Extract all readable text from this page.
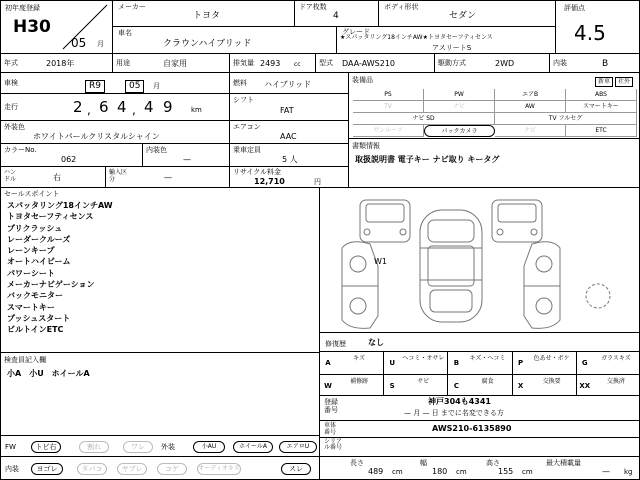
初年度登録
H30
05 月
メーカー
トヨタ
ドア枚数
4
ボディ形状
セダン
評価点
4.5
車名
クラウンハイブリッド
グレード
★スパッタリング18インチAW★トヨタセーフティセンス
アスリートS
年式	2018年	用途	自家用	排気量 2493 cc	型式 DAA-AWS210	駆動方式	2WD	内装	B
車検	R9	05	月
走行	2 , 6 4 , 4 9	km
外装色
ホワイトパールクリスタルシャイン
カラーNo.
062
内装色
—
ハンドル	右
輸入区分	—
燃料 ハイブリッド
シフト
FAT
エアコン
AAC
乗車定員
5 人
リサイクル料金
12,710	円
装備品	新車	社外
PS	PW	エアB	ABS
TV	ナビ	AW	スマートキー
ナビ SD	TV フルセグ
サンルーフ	パックカメラ	ナビ	ETC
書類情報
取扱説明書 電子キー ナビ取り キータグ
セールスポイント
スパッタリング18インチAW
トヨタセーフティセンス
プリクラッシュ
レーダークルーズ
レーンキープ
オートハイビーム
パワーシート
メーカーナビゲーション
バックモニター
スマートキー
プッシュスタート
ビルトインETC
検査員記入欄
小A　小U　ホイールA
W1
修復歴	なし
A
キズ
U
ヘコミ・オサレ
B
キズ・ヘコミ
P
色あせ・ボケ
G
ガラスキズ
W
補修跡
S
サビ
C
腐食
X
交換要
XX
交換済
登録番号
神戸304も4341
— 月 — 日 までに名変できる方
車体番号	AWS210-6135890
FW	トビ右	割れ	ワレ	外装	小AU	ホイールA	エアロU
内装	ヨゴレ	タバコ	ヤブレ	コゲ	オーディオキズ	スレ
シリアル番号
長さ
489 cm
幅
180 cm
高さ
155 cm
最大積載量
— kg
